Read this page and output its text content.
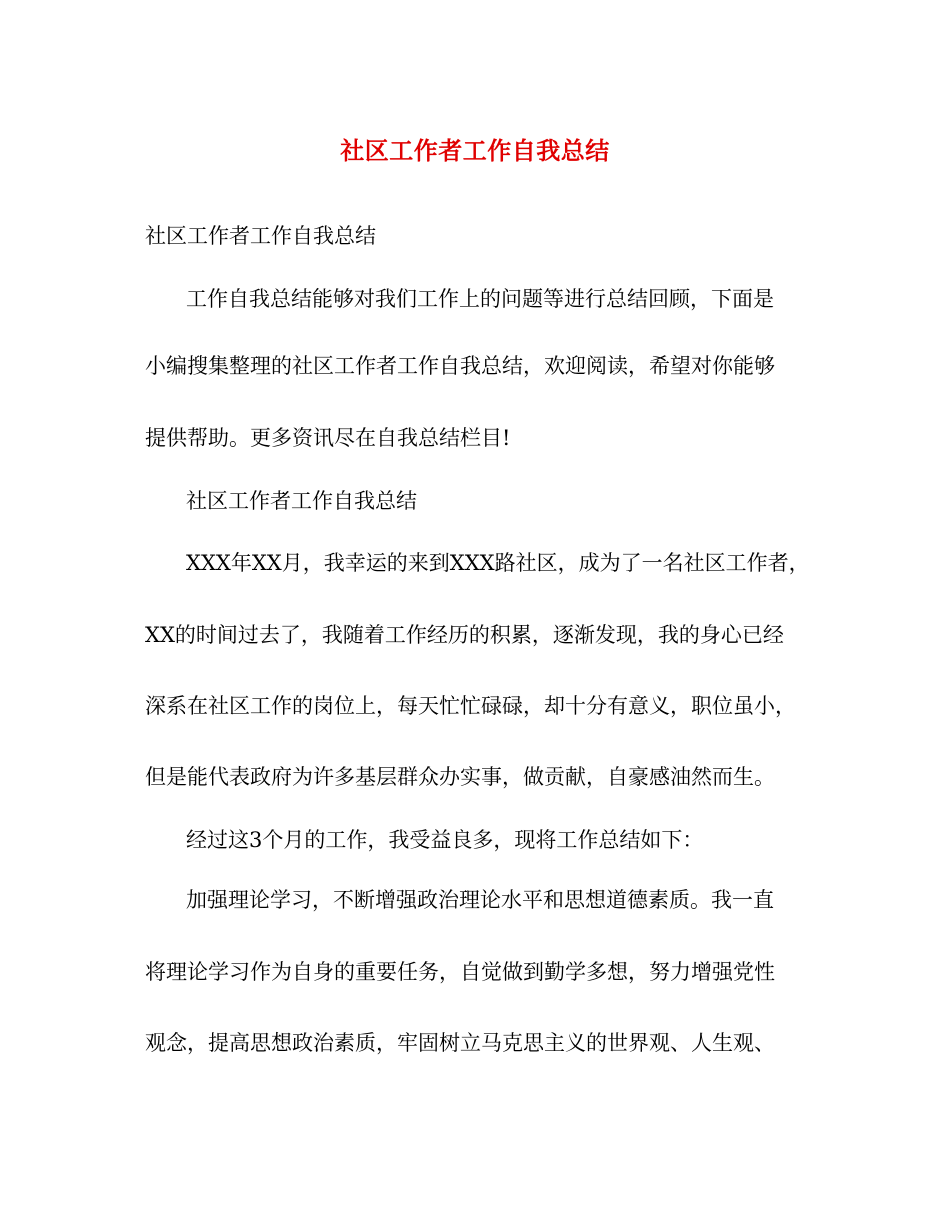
社区工作者工作自我总结
社区工作者工作自我总结
工作自我总结能够对我们工作上的问题等进行总结回顾，下面是
小编搜集整理的社区工作者工作自我总结，欢迎阅读，希望对你能够
提供帮助。更多资讯尽在自我总结栏目!
社区工作者工作自我总结
XXX年XX月，我幸运的来到XXX路社区，成为了一名社区工作者，
XX的时间过去了，我随着工作经历的积累，逐渐发现，我的身心已经
深系在社区工作的岗位上，每天忙忙碌碌，却十分有意义，职位虽小，
但是能代表政府为许多基层群众办实事，做贡献，自豪感油然而生。
经过这3个月的工作，我受益良多，现将工作总结如下：
加强理论学习，不断增强政治理论水平和思想道德素质。我一直
将理论学习作为自身的重要任务，自觉做到勤学多想，努力增强党性
观念，提高思想政治素质，牢固树立马克思主义的世界观、人生观、
